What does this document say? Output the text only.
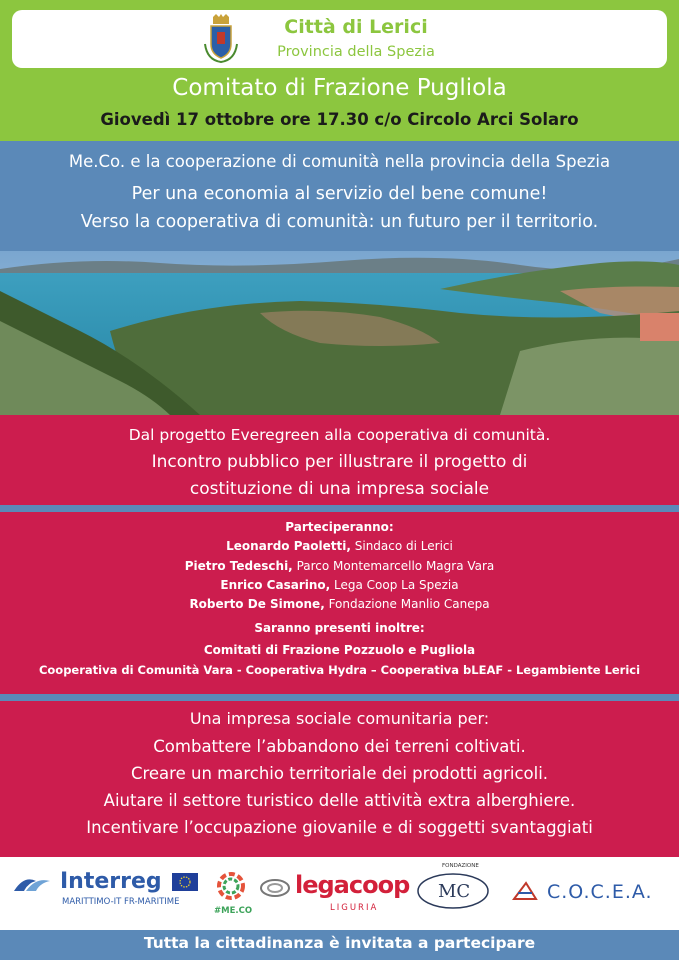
Città di Lerici
Provincia della Spezia
Comitato di Frazione Pugliola
Giovedì 17 ottobre ore 17.30 c/o Circolo Arci Solaro
Me.Co. e la cooperazione di comunità nella provincia della Spezia
Per una economia al servizio del bene comune!
Verso la cooperativa di comunità: un futuro per il territorio.
Dal progetto Everegreen alla cooperativa di comunità.
Incontro pubblico per illustrare il progetto di
costituzione di una impresa sociale
Parteciperanno:
Leonardo Paoletti, Sindaco di Lerici
Pietro Tedeschi, Parco Montemarcello Magra Vara
Enrico Casarino, Lega Coop La Spezia
Roberto De Simone, Fondazione Manlio Canepa
Saranno presenti inoltre:
Comitati di Frazione Pozzuolo e Pugliola
Cooperativa di Comunità Vara - Cooperativa Hydra – Cooperativa bLEAF - Legambiente Lerici
Una impresa sociale comunitaria per:
Combattere l’abbandono dei terreni coltivati.
Creare un marchio territoriale dei prodotti agricoli.
Aiutare il settore turistico delle attività extra alberghiere.
Incentivare l’occupazione giovanile e di soggetti svantaggiati
Interreg
MARITTIMO-IT FR-MARITIME
#ME.CO
legacoop
LIGURIA
FONDAZIONE
MC	C.O.C.E.A.
Tutta la cittadinanza è invitata a partecipare
